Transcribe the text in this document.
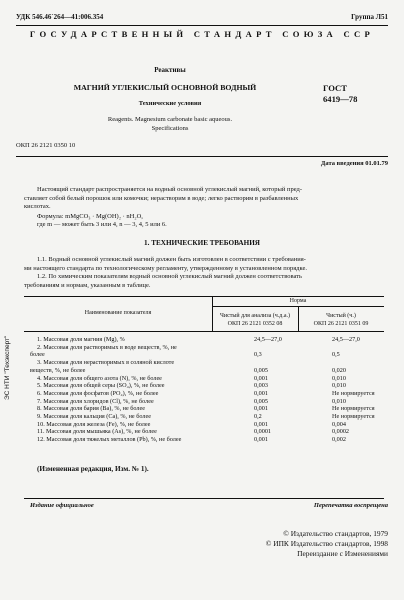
УДК 546.46`264—41:006.354	Группа Л51
ГОСУДАРСТВЕННЫЙ СТАНДАРТ СОЮЗА ССР
Реактивы
МАГНИЙ УГЛЕКИСЛЫЙ ОСНОВНОЙ ВОДНЫЙ
Технические условия
Reagents. Magnesium carbonate basic aqueous.
Specifications
ГОСТ
6419—78
ОКП 26 2121 0350 10
Дата введения 01.01.79
Настоящий стандарт распространяется на водный основной углекислый магний, который пред-
ставляет собой белый порошок или комочки; нерастворим в воде; легко растворим в разбавленных
кислотах.
Формула: mMgCO₃ · Mg(OH)₂ · nH₂O,
где m — может быть 3 или 4, n — 3, 4, 5 или 6.
1. ТЕХНИЧЕСКИЕ ТРЕБОВАНИЯ
1.1. Водный основной углекислый магний должен быть изготовлен в соответствии с требования-
ми настоящего стандарта по технологическому регламенту, утвержденному в установленном порядке.
1.2. По химическим показателям водный основной углекислый магний должен соответствовать
требованиям и нормам, указанным в таблице.
Наименование показателя
Норма
Чистый для анализа (ч.д.а.)
ОКП 26 2121 0352 08
Чистый (ч.)
ОКП 26 2121 0351 09
1. Массовая доля магния (Mg), %	24,5—27,0	24,5—27,0
2. Массовая доля растворимых в воде веществ, %, не
более	0,3	0,5
3. Массовая доля нерастворимых в соляной кислоте
веществ, %, не более	0,005	0,020
4. Массовая доля общего азота (N), %, не более	0,001	0,010
5. Массовая доля общей серы (SO₄), %, не более	0,003	0,010
6. Массовая доля фосфатов (PO₄), %, не более	0,001	Не нормируется
7. Массовая доля хлоридов (Cl), %, не более	0,005	0,010
8. Массовая доля бария (Ba), %, не более	0,001	Не нормируется
9. Массовая доля кальция (Ca), %, не более	0,2	Не нормируется
10. Массовая доля железа (Fe), %, не более	0,001	0,004
11. Массовая доля мышьяка (As), %, не более	0,0001	0,0002
12. Массовая доля тяжелых металлов (Pb), %, не более	0,001	0,002
(Измененная редакция, Изм. № 1).
Издание официальное	Перепечатка воспрещена
© Издательство стандартов, 1979
© ИПК Издательство стандартов, 1998
Переиздание с Изменениями
ЭС НТИ "Техэксперт"
